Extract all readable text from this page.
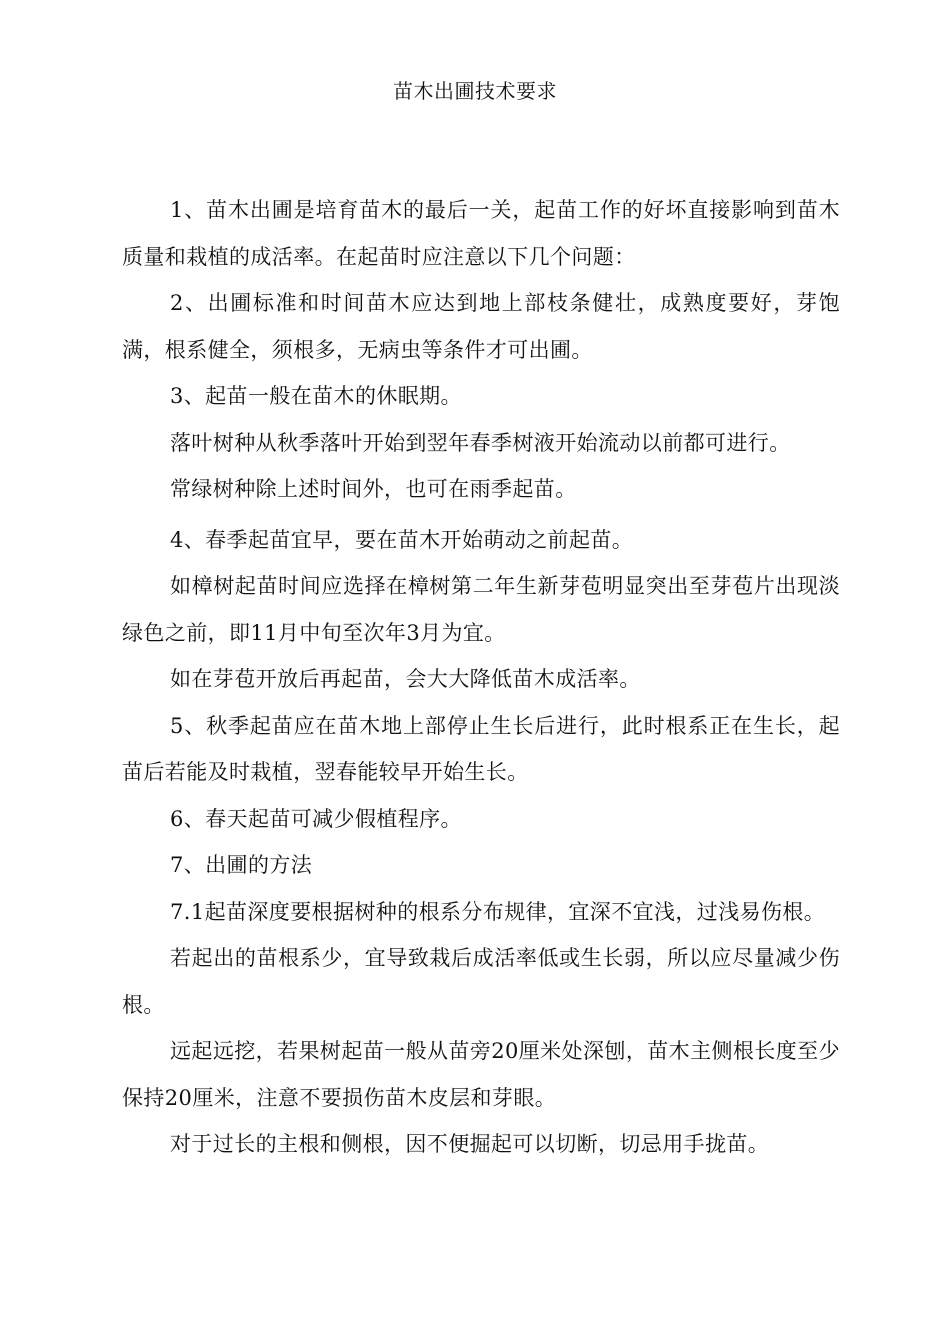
苗木出圃技术要求

1、苗木出圃是培育苗木的最后一关，起苗工作的好坏直接影响到苗木质量和栽植的成活率。在起苗时应注意以下几个问题：

2、出圃标准和时间苗木应达到地上部枝条健壮，成熟度要好，芽饱满，根系健全，须根多，无病虫等条件才可出圃。

3、起苗一般在苗木的休眠期。

落叶树种从秋季落叶开始到翌年春季树液开始流动以前都可进行。

常绿树种除上述时间外，也可在雨季起苗。

4、春季起苗宜早，要在苗木开始萌动之前起苗。

如樟树起苗时间应选择在樟树第二年生新芽苞明显突出至芽苞片出现淡绿色之前，即11月中旬至次年3月为宜。

如在芽苞开放后再起苗，会大大降低苗木成活率。

5、秋季起苗应在苗木地上部停止生长后进行，此时根系正在生长，起苗后若能及时栽植，翌春能较早开始生长。

6、春天起苗可减少假植程序。

7、出圃的方法

7.1起苗深度要根据树种的根系分布规律，宜深不宜浅，过浅易伤根。

若起出的苗根系少，宜导致栽后成活率低或生长弱，所以应尽量减少伤根。

远起远挖，若果树起苗一般从苗旁20厘米处深刨，苗木主侧根长度至少保持20厘米，注意不要损伤苗木皮层和芽眼。

对于过长的主根和侧根，因不便掘起可以切断，切忌用手拢苗。
